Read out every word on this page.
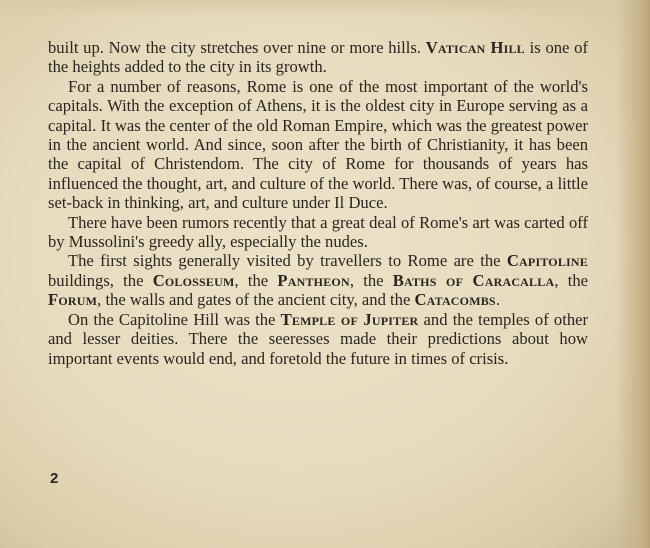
built up. Now the city stretches over nine or more hills. Vatican Hill is one of the heights added to the city in its growth.

For a number of reasons, Rome is one of the most important of the world's capitals. With the exception of Athens, it is the oldest city in Europe serving as a capital. It was the center of the old Roman Empire, which was the greatest power in the ancient world. And since, soon after the birth of Christianity, it has been the capital of Christendom. The city of Rome for thousands of years has influenced the thought, art, and culture of the world. There was, of course, a little set-back in thinking, art, and culture under Il Duce.

There have been rumors recently that a great deal of Rome's art was carted off by Mussolini's greedy ally, especially the nudes.

The first sights generally visited by travellers to Rome are the Capitoline buildings, the Colosseum, the Pantheon, the Baths of Caracalla, the Forum, the walls and gates of the ancient city, and the Catacombs.

On the Capitoline Hill was the Temple of Jupiter and the temples of other and lesser deities. There the seeresses made their predictions about how important events would end, and foretold the future in times of crisis.

2
